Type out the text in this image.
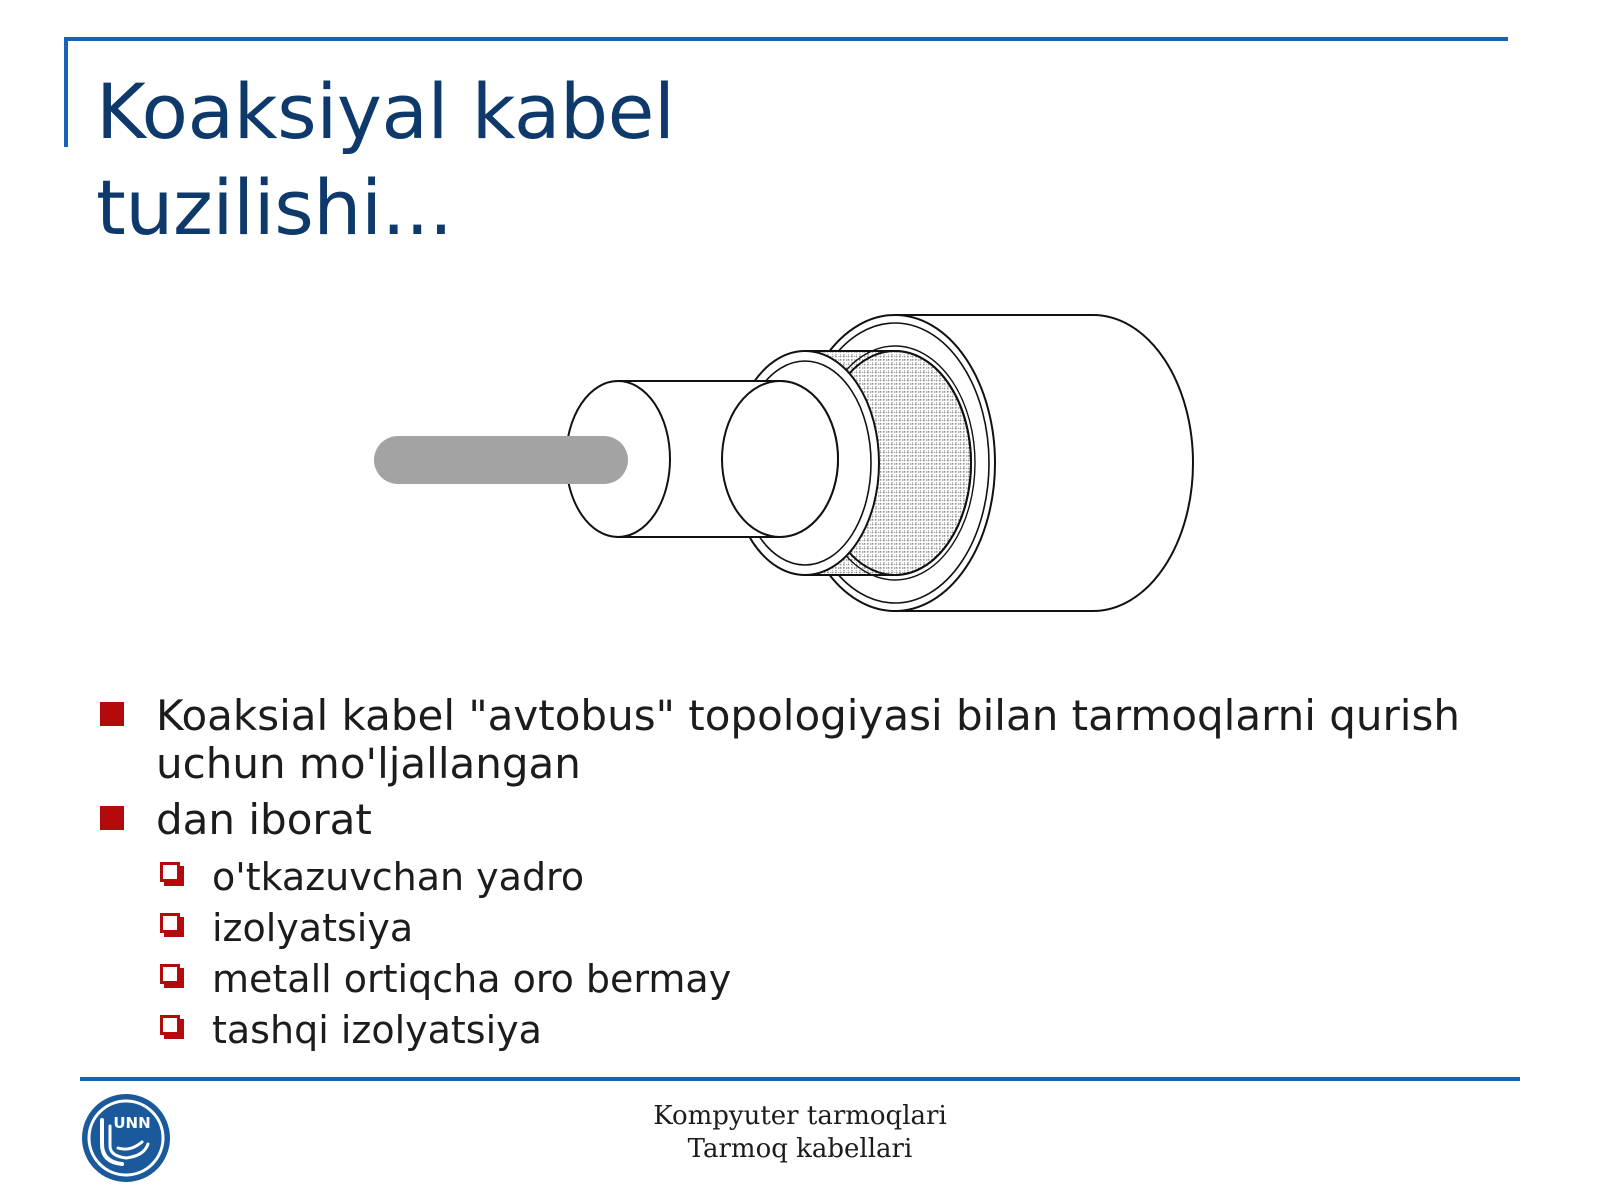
Koaksiyal kabel
tuzilishi...
Koaksial kabel "avtobus" topologiyasi bilan tarmoqlarni qurish uchun mo'ljallangan
dan iborat
o'tkazuvchan yadro
izolyatsiya
metall ortiqcha oro bermay
tashqi izolyatsiya
UNN	Kompyuter tarmoqlari
Tarmoq kabellari
